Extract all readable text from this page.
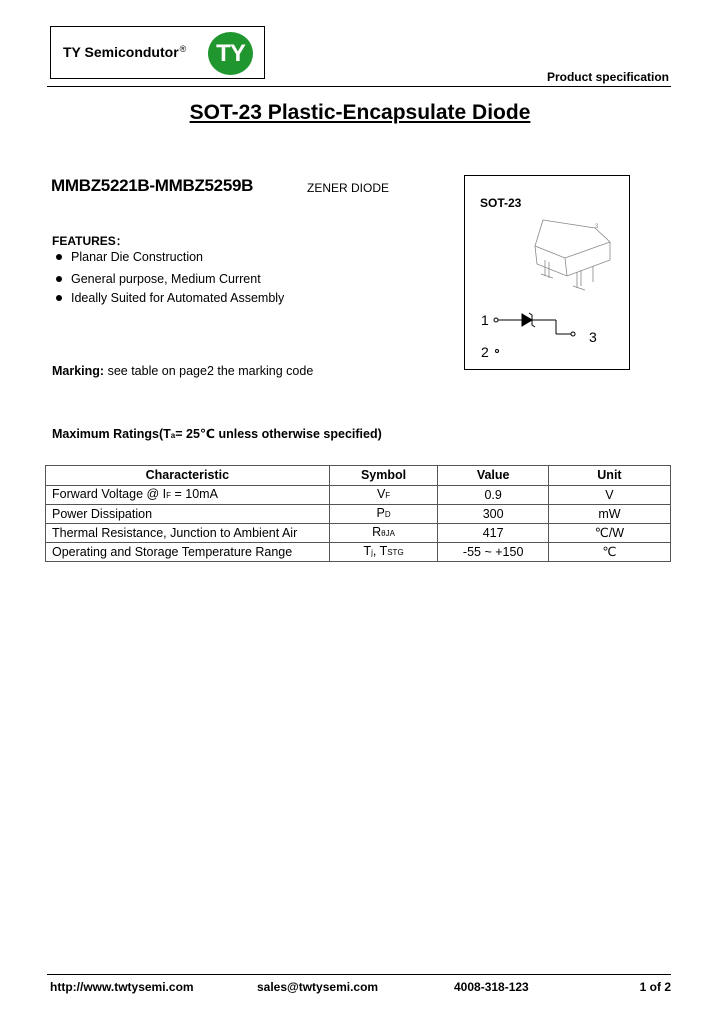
TY Semicondutor®	TY
Product specification
SOT-23 Plastic-Encapsulate Diode
MMBZ5221B-MMBZ5259B	ZENER DIODE
FEATURES：
Planar Die Construction
General purpose, Medium Current
Ideally Suited for Automated Assembly
Marking: see table on page2 the marking code
Maximum Ratings(Ta= 25℃ unless otherwise specified)
SOT-23
3
1
2
3
Characteristic	Symbol	Value	Unit
Forward Voltage @ IF = 10mA	VF	0.9	V
Power Dissipation	PD	300	mW
Thermal Resistance, Junction to Ambient Air	RθJA	417	℃/W
Operating and Storage Temperature Range	Tj, TSTG	-55 ~ +150	℃
http://www.twtysemi.com	sales@twtysemi.com	4008-318-123	1 of 2
